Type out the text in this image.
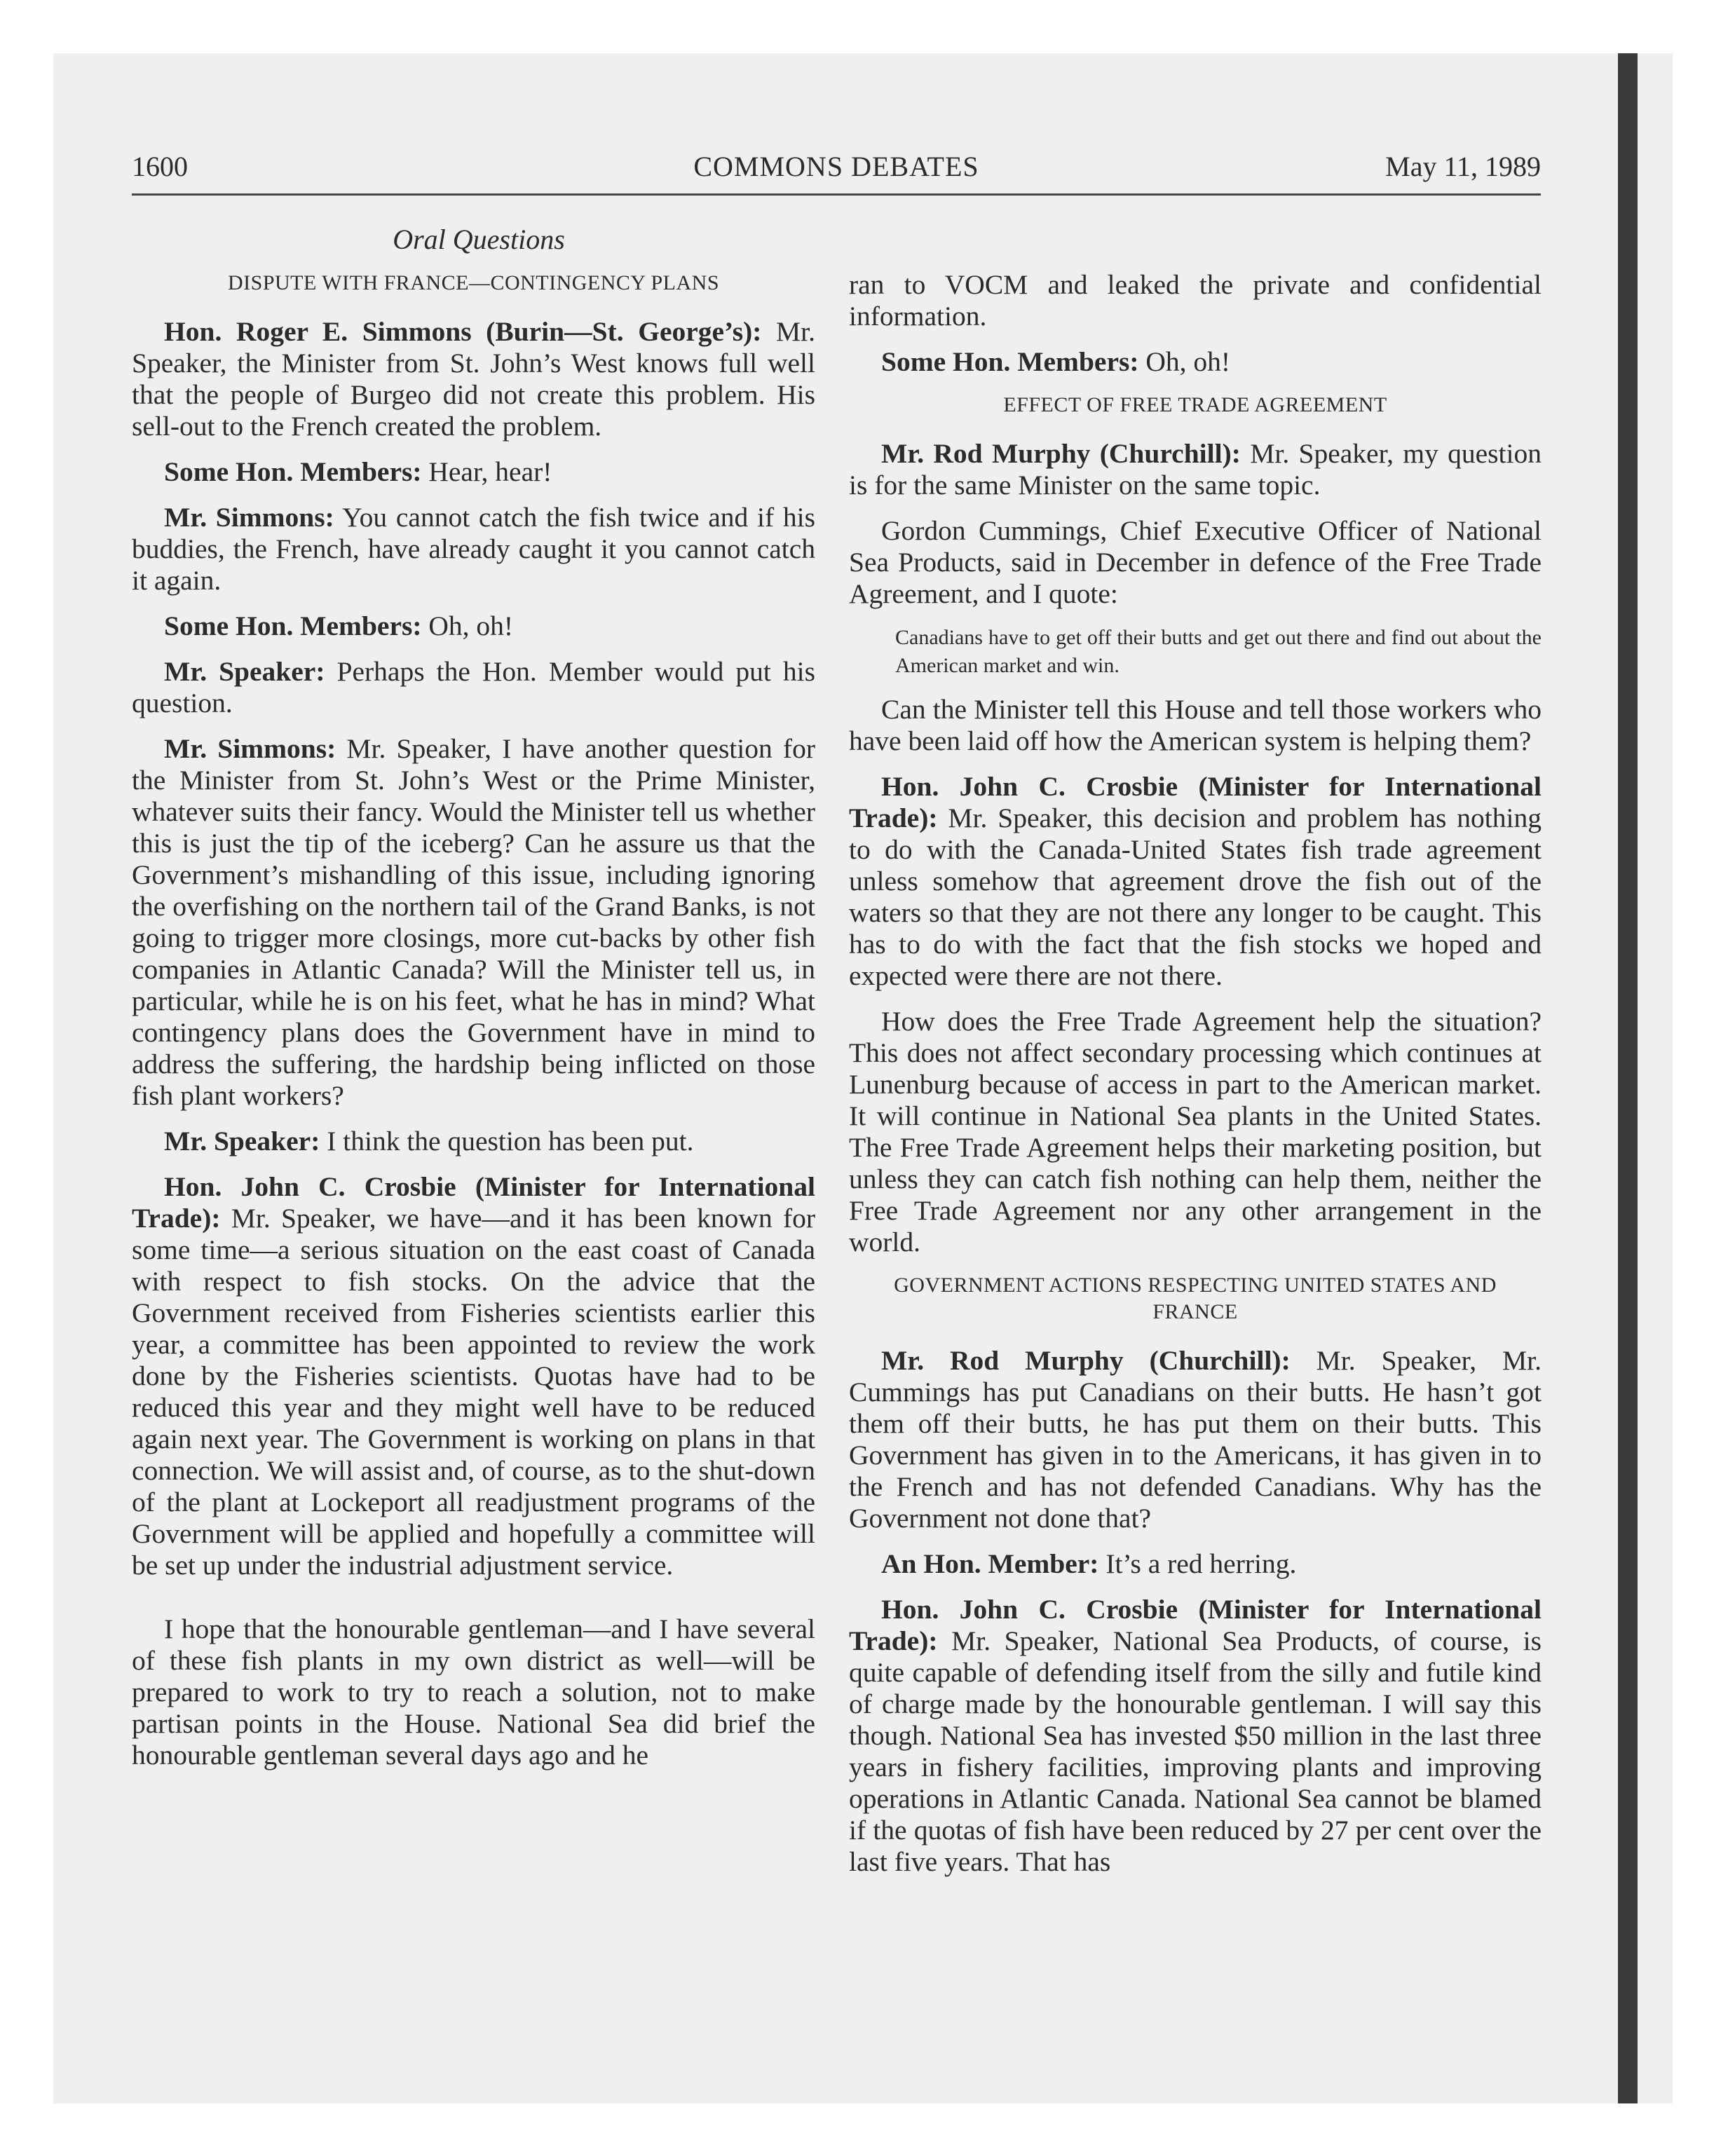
1600	COMMONS DEBATES	May 11, 1989
Oral Questions
DISPUTE WITH FRANCE—CONTINGENCY PLANS

Hon. Roger E. Simmons (Burin—St. George’s): Mr. Speaker, the Minister from St. John’s West knows full well that the people of Burgeo did not create this problem. His sell-out to the French created the problem.

Some Hon. Members: Hear, hear!

Mr. Simmons: You cannot catch the fish twice and if his buddies, the French, have already caught it you cannot catch it again.

Some Hon. Members: Oh, oh!

Mr. Speaker: Perhaps the Hon. Member would put his question.

Mr. Simmons: Mr. Speaker, I have another question for the Minister from St. John’s West or the Prime Minister, whatever suits their fancy. Would the Minister tell us whether this is just the tip of the iceberg? Can he assure us that the Government’s mishandling of this issue, including ignoring the overfishing on the northern tail of the Grand Banks, is not going to trigger more closings, more cut-backs by other fish companies in Atlantic Canada? Will the Minister tell us, in particular, while he is on his feet, what he has in mind? What contingency plans does the Government have in mind to address the suffering, the hardship being inflicted on those fish plant workers?

Mr. Speaker: I think the question has been put.

Hon. John C. Crosbie (Minister for International Trade): Mr. Speaker, we have—and it has been known for some time—a serious situation on the east coast of Canada with respect to fish stocks. On the advice that the Government received from Fisheries scientists earlier this year, a committee has been appointed to review the work done by the Fisheries scientists. Quotas have had to be reduced this year and they might well have to be reduced again next year. The Government is working on plans in that connection. We will assist and, of course, as to the shut-down of the plant at Lockeport all readjustment programs of the Government will be applied and hopefully a committee will be set up under the industrial adjustment service.

I hope that the honourable gentleman—and I have several of these fish plants in my own district as well—will be prepared to work to try to reach a solution, not to make partisan points in the House. National Sea did brief the honourable gentleman several days ago and he

ran to VOCM and leaked the private and confidential information.

Some Hon. Members: Oh, oh!

EFFECT OF FREE TRADE AGREEMENT

Mr. Rod Murphy (Churchill): Mr. Speaker, my question is for the same Minister on the same topic.

Gordon Cummings, Chief Executive Officer of National Sea Products, said in December in defence of the Free Trade Agreement, and I quote:

Canadians have to get off their butts and get out there and find out about the American market and win.

Can the Minister tell this House and tell those workers who have been laid off how the American system is helping them?

Hon. John C. Crosbie (Minister for International Trade): Mr. Speaker, this decision and problem has nothing to do with the Canada-United States fish trade agreement unless somehow that agreement drove the fish out of the waters so that they are not there any longer to be caught. This has to do with the fact that the fish stocks we hoped and expected were there are not there.

How does the Free Trade Agreement help the situation? This does not affect secondary processing which continues at Lunenburg because of access in part to the American market. It will continue in National Sea plants in the United States. The Free Trade Agreement helps their marketing position, but unless they can catch fish nothing can help them, neither the Free Trade Agreement nor any other arrangement in the world.

GOVERNMENT ACTIONS RESPECTING UNITED STATES AND FRANCE

Mr. Rod Murphy (Churchill): Mr. Speaker, Mr. Cummings has put Canadians on their butts. He hasn’t got them off their butts, he has put them on their butts. This Government has given in to the Americans, it has given in to the French and has not defended Canadians. Why has the Government not done that?

An Hon. Member: It’s a red herring.

Hon. John C. Crosbie (Minister for International Trade): Mr. Speaker, National Sea Products, of course, is quite capable of defending itself from the silly and futile kind of charge made by the honourable gentleman. I will say this though. National Sea has invested $50 million in the last three years in fishery facilities, improving plants and improving operations in Atlantic Canada. National Sea cannot be blamed if the quotas of fish have been reduced by 27 per cent over the last five years. That has
